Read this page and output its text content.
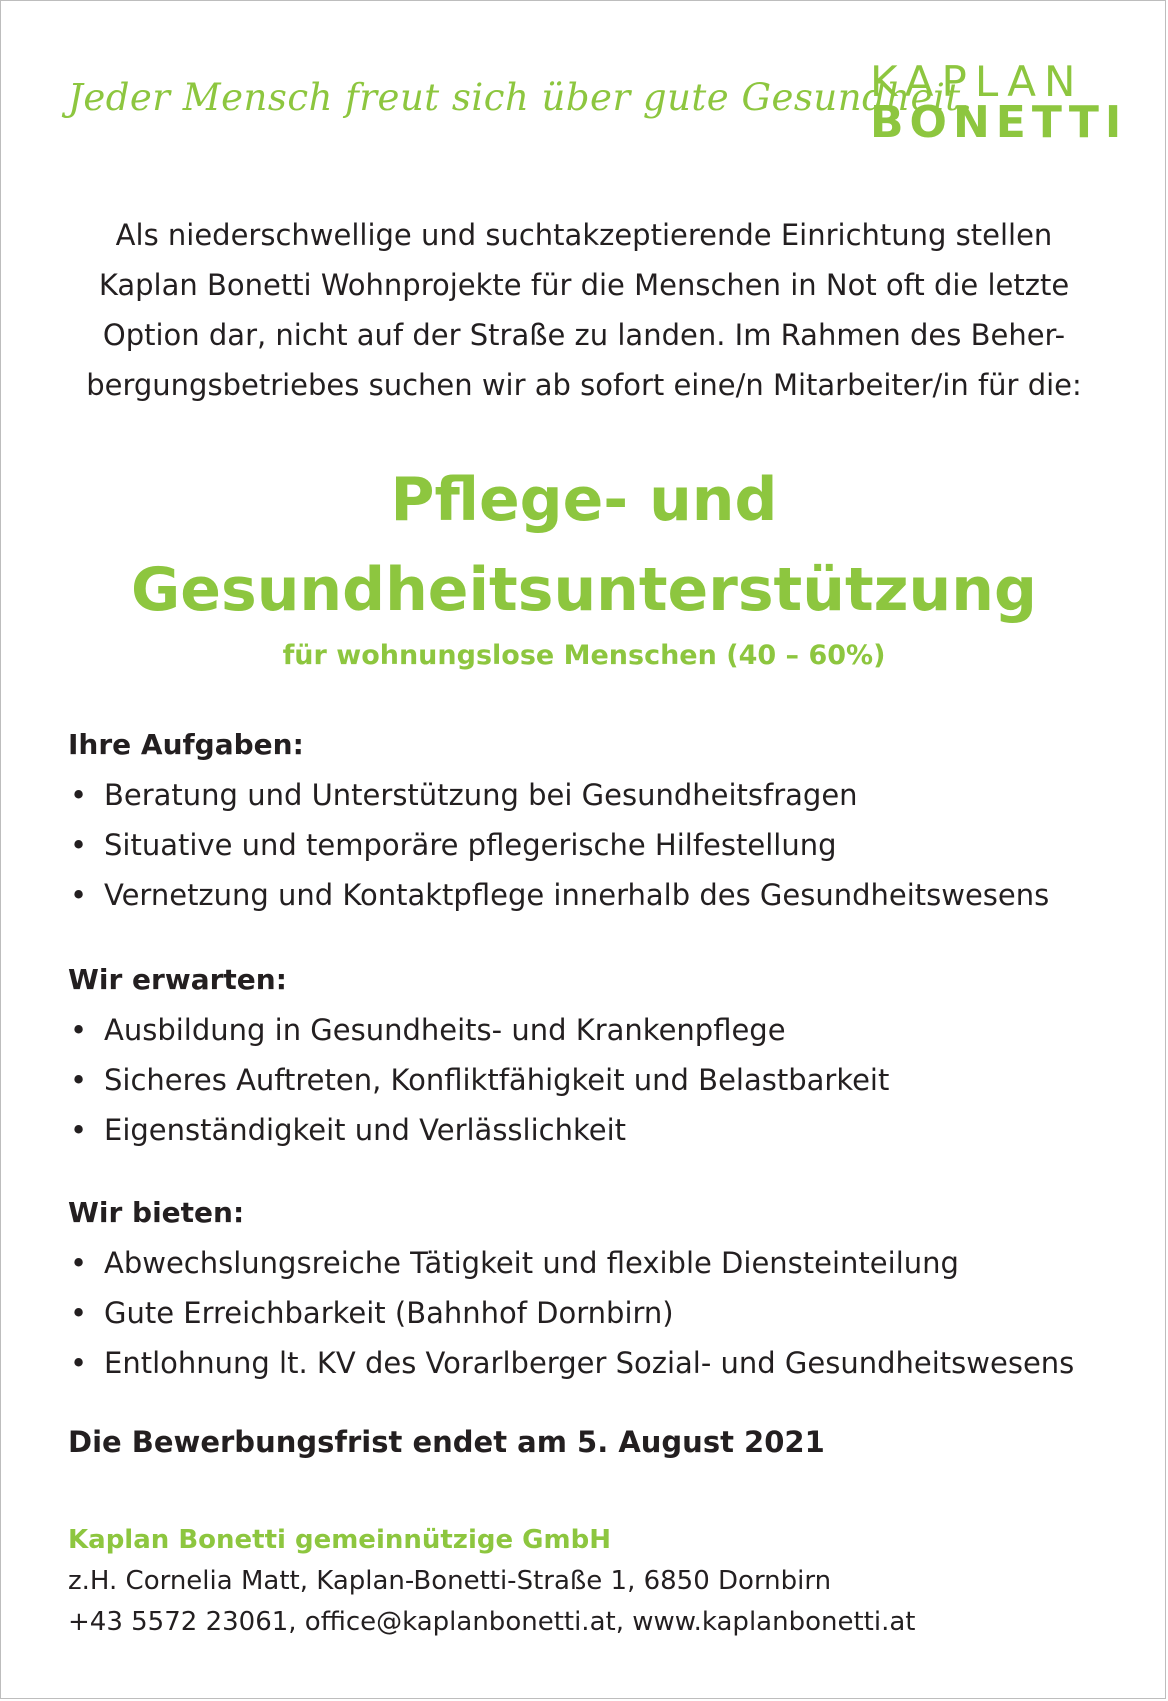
Jeder Mensch freut sich über gute Gesundheit.
KAPLAN
BONETTI

Als niederschwellige und suchtakzeptierende Einrichtung stellen
Kaplan Bonetti Wohnprojekte für die Menschen in Not oft die letzte
Option dar, nicht auf der Straße zu landen. Im Rahmen des Beher-
bergungsbetriebes suchen wir ab sofort eine/n Mitarbeiter/in für die:

Pflege- und
Gesundheitsunterstützung
für wohnungslose Menschen (40 – 60%)
Ihre Aufgaben:
• Beratung und Unterstützung bei Gesundheitsfragen
• Situative und temporäre pflegerische Hilfestellung
• Vernetzung und Kontaktpflege innerhalb des Gesundheitswesens
Wir erwarten:
• Ausbildung in Gesundheits- und Krankenpflege
• Sicheres Auftreten, Konfliktfähigkeit und Belastbarkeit
• Eigenständigkeit und Verlässlichkeit
Wir bieten:
• Abwechslungsreiche Tätigkeit und flexible Diensteinteilung
• Gute Erreichbarkeit (Bahnhof Dornbirn)
• Entlohnung lt. KV des Vorarlberger Sozial- und Gesundheitswesens
Die Bewerbungsfrist endet am 5. August 2021
Kaplan Bonetti gemeinnützige GmbH
z.H. Cornelia Matt, Kaplan-Bonetti-Straße 1, 6850 Dornbirn
+43 5572 23061, office@kaplanbonetti.at, www.kaplanbonetti.at
